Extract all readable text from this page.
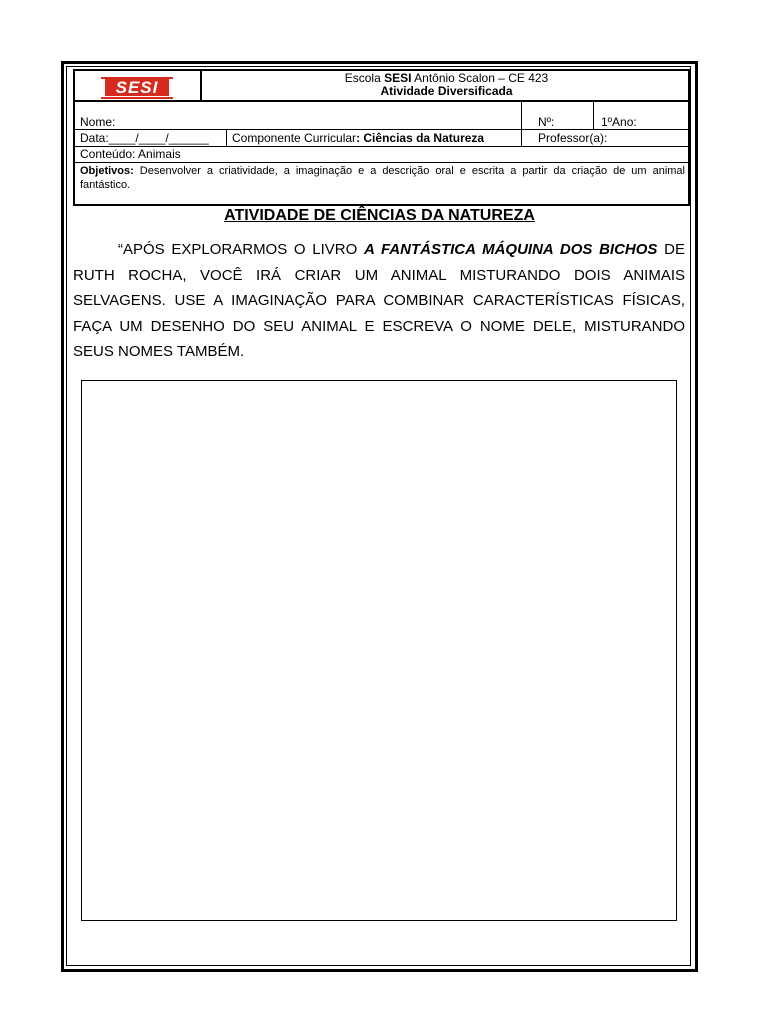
SESI	Escola SESI Antônio Scalon – CE 423
Atividade Diversificada
Nome:	Nº:	1ºAno:
Data:____/____/______	Componente Curricular: Ciências da Natureza	Professor(a):
Conteúdo: Animais
Objetivos: Desenvolver a criatividade, a imaginação e a descrição oral e escrita a partir da criação de um animal fantástico.
ATIVIDADE DE CIÊNCIAS DA NATUREZA

“APÓS EXPLORARMOS O LIVRO A FANTÁSTICA MÁQUINA DOS BICHOS DE RUTH ROCHA, VOCÊ IRÁ CRIAR UM ANIMAL MISTURANDO DOIS ANIMAIS SELVAGENS. USE A IMAGINAÇÃO PARA COMBINAR CARACTERÍSTICAS FÍSICAS, FAÇA UM DESENHO DO SEU ANIMAL E ESCREVA O NOME DELE, MISTURANDO SEUS NOMES TAMBÉM.
